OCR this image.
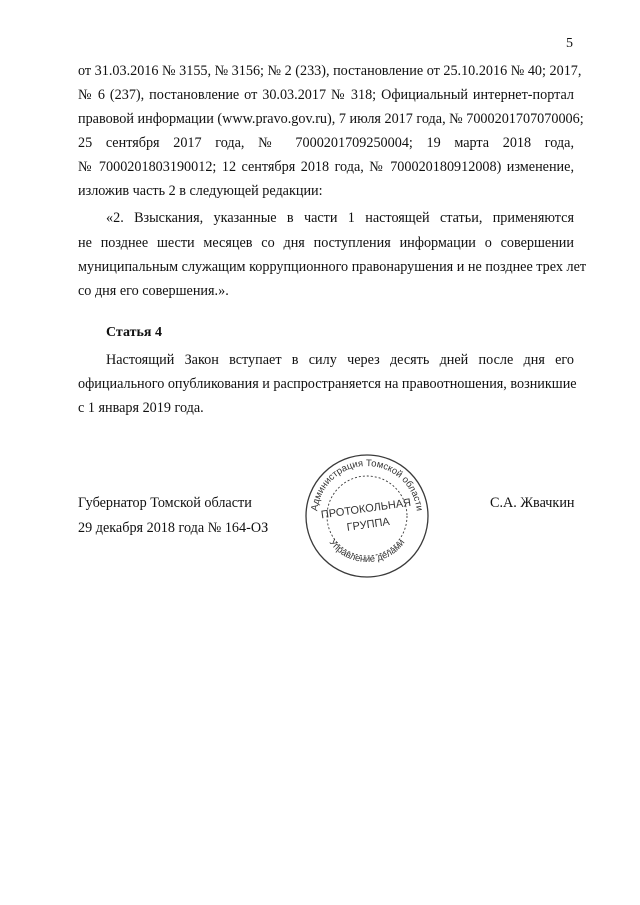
5
от 31.03.2016 № 3155, № 3156; № 2 (233), постановление от 25.10.2016 № 40; 2017,
№ 6 (237), постановление от 30.03.2017 № 318; Официальный интернет-портал
правовой информации (www.pravo.gov.ru), 7 июля 2017 года, № 7000201707070006;
25 сентября 2017 года, № 7000201709250004; 19 марта 2018 года,
№ 7000201803190012; 12 сентября 2018 года, № 700020180912008) изменение,
изложив часть 2 в следующей редакции:
«2. Взыскания, указанные в части 1 настоящей статьи, применяются
не позднее шести месяцев со дня поступления информации о совершении
муниципальным служащим коррупционного правонарушения и не позднее трех лет
со дня его совершения.».
Статья 4
Настоящий Закон вступает в силу через десять дней после дня его
официального опубликования и распространяется на правоотношения, возникшие
с 1 января 2019 года.
Губернатор Томской области
29 декабря 2018 года № 164-ОЗ
С.А. Жвачкин
Администрация Томской области
Управление делами
ПРОТОКОЛЬНАЯ
ГРУППА
